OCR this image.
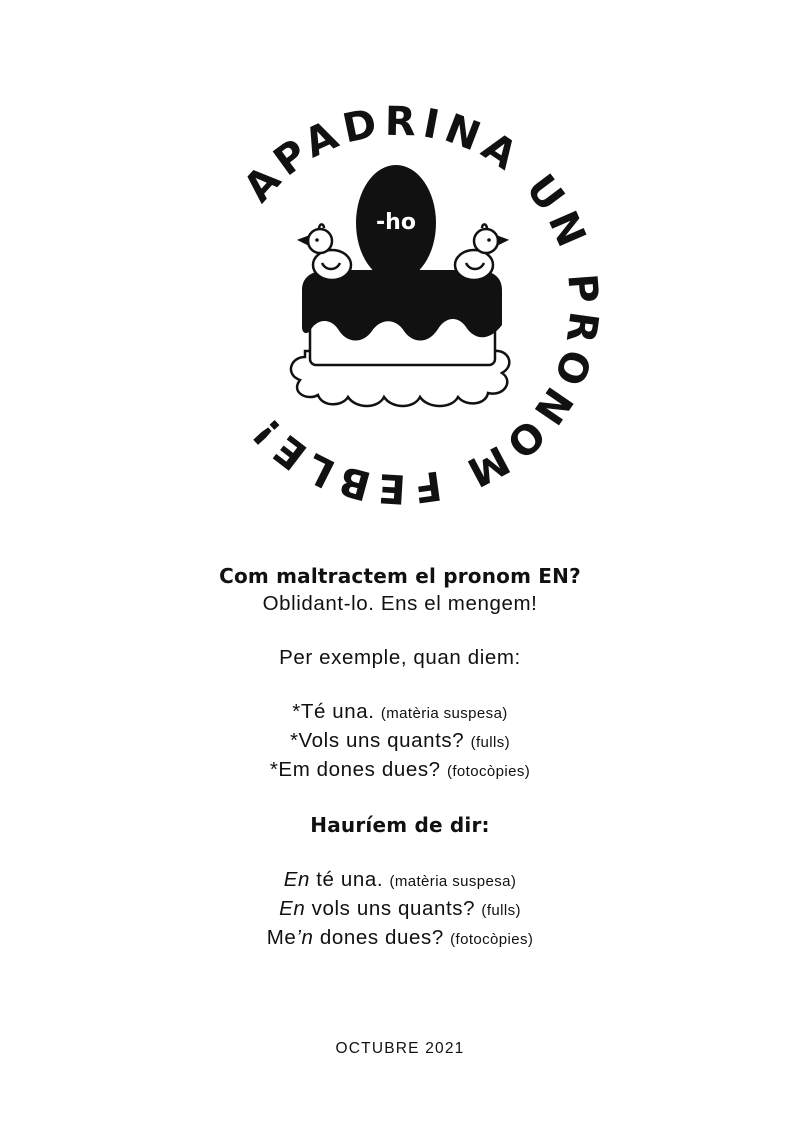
APADRINA UN PRONOM FEBLE!
-ho

Com maltractem el pronom EN?

Oblidant-lo. Ens el mengem!

Per exemple, quan diem:

*Té una. (matèria suspesa)

*Vols uns quants? (fulls)

*Em dones dues? (fotocòpies)

Hauríem de dir:

En té una. (matèria suspesa)

En vols uns quants? (fulls)

Me’n dones dues? (fotocòpies)

OCTUBRE 2021
